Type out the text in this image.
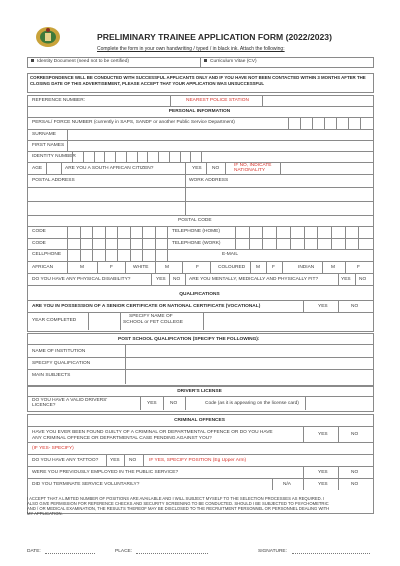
PRELIMINARY TRAINEE APPLICATION FORM (2022/2023)
Complete the form in your own handwriting / typed / in black ink. Attach the following:
Identity Document (need not to be certified)	Curriculum Vitae (CV)
CORRESPONDENCE WILL BE CONDUCTED WITH SUCCESSFUL APPLICANTS ONLY AND IF YOU HAVE NOT BEEN CONTACTED WITHIN 3 MONTHS AFTER THE CLOSING DATE OF THIS ADVERTISEMENT, PLEASE ACCEPT THAT YOUR APPLICATION WAS UNSUCCESSFUL
REFERENCE NUMBER:	NEAREST POLICE STATION
PERSONAL INFORMATION
PERSAL/ FORCE NUMBER (currently in SAPS, SANDF or another Public Service Department)
SURNAME
FIRST NAMES
IDENTITY NUMBER
AGE	ARE YOU A SOUTH AFRICAN CITIZEN?	YES NO
IF NO, INDICATE
NATIONALITY
POSTAL ADDRESS	WORK ADDRESS
POSTAL CODE
CODE	TELEPHONE (HOME)
CODE	TELEPHONE (WORK)
CELLPHONE	E-MAIL
AFRICAN	M	F	WHITE	M	F	COLOURED M	F	INDIAN	M	F
DO YOU HAVE ANY PHYSICAL DISABILITY?	YES NO ARE YOU MENTALLY, MEDICALLY AND PHYSICALLY FIT?	YES NO
QUALIFICATIONS
ARE YOU IN POSSESSION OF A SENIOR CERTIFICATE OR NATIONAL CERTIFICATE (VOCATIONAL)	YES	NO
YEAR COMPLETED
SPECIFY NAME OF
SCHOOL or FET COLLEGE
POST SCHOOL QUALIFICATION (SPECIFY THE FOLLOWING):
NAME OF INSTITUTION
SPECIFY QUALIFICATION
MAIN SUBJECTS
DRIVER'S LICENSE
DO YOU HAVE A VALID DRIVERS'
LICENCE?	YES	NO	Code (as it is appearing on the license card)
CRIMINAL OFFENCES
HAVE YOU EVER BEEN FOUND GUILTY OF A CRIMINAL OR DEPARTMENTAL OFFENCE OR DO YOU HAVE
ANY CRIMINAL OFFENCE OR DEPARTMENTAL CASE PENDING AGAINST YOU?
YES	NO
(IF YES- SPECIFY)
DO YOU HAVE ANY TATTOO? YES NO	IF YES, SPECIFY POSITION (Eg Upper Arm)
WERE YOU PREVIOUSLY EMPLOYED IN THE PUBLIC SERVICE?	YES	NO
DID YOU TERMINATE SERVICE VOLUNTARILY?	N/A	YES	NO
I ACCEPT THAT A LIMITED NUMBER OF POSITIONS ARE AVAILABLE AND I WILL SUBJECT MYSELF TO THE SELECTION PROCESSES AS REQUIRED. I
ALSO GIVE PERMISSION FOR REFERENCE CHECKS AND SECURITY SCREENING TO BE CONDUCTED. SHOULD I BE SUBJECTED TO PSYCHOMETRIC
AND / OR MEDICAL EXAMINATION, THE RESULTS THEREOF MAY BE DISCLOSED TO THE RECRUITMENT PERSONNEL OR PERSONNEL DEALING WITH
MY APPLICATION.
DATE:	PLACE:	SIGNATURE:
